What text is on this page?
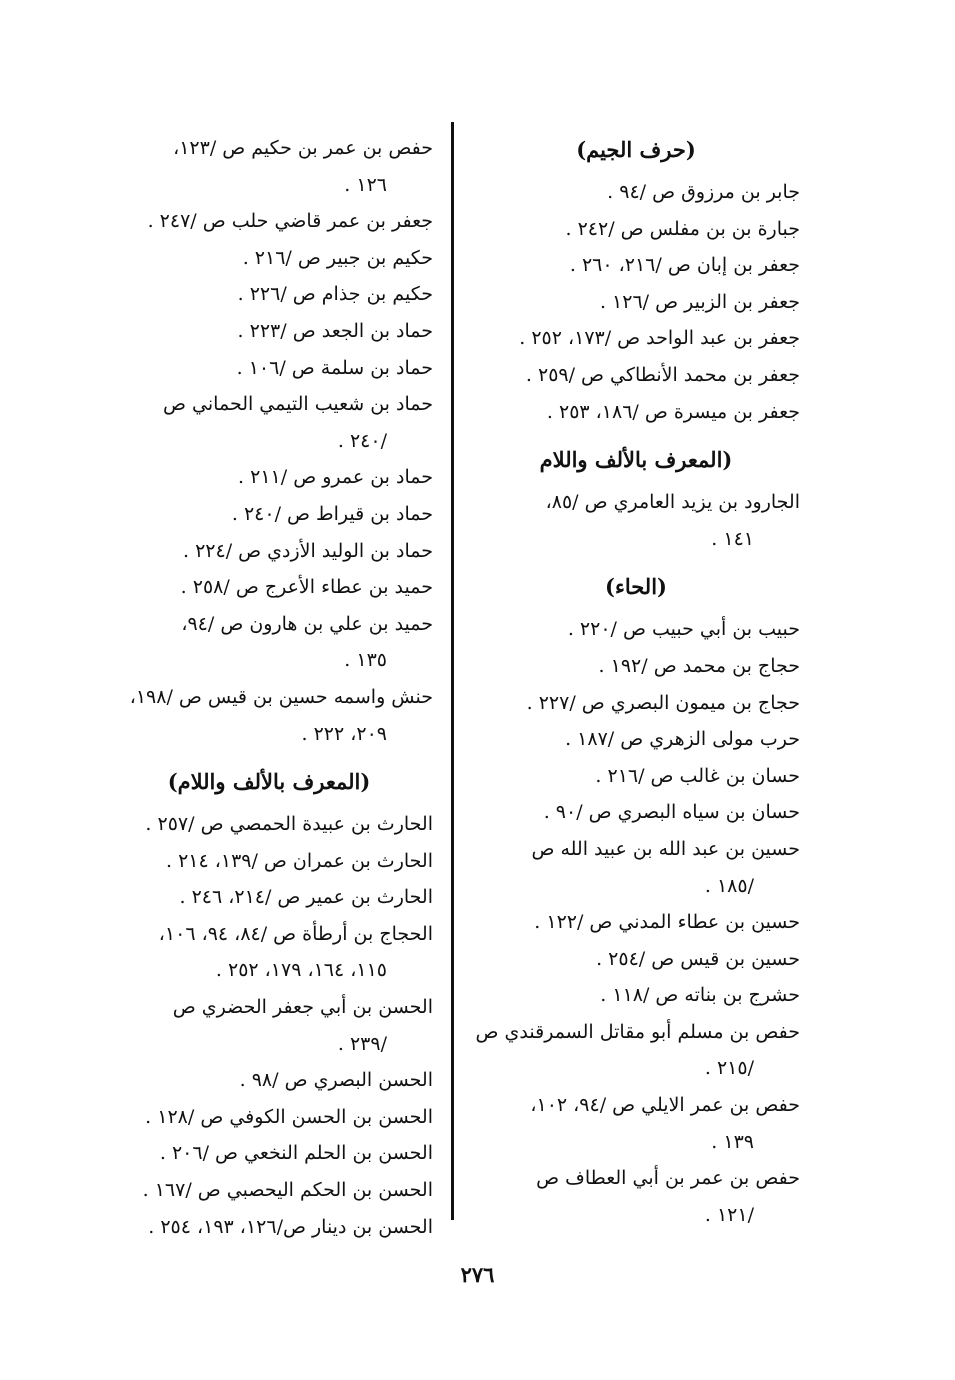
(حرف الجيم)
جابر بن مرزوق ص /٩٤ .
جبارة بن بن مفلس ص /٢٤٢ .
جعفر بن إبان ص /٢١٦، ٢٦٠ .
جعفر بن الزبير ص /١٢٦ .
جعفر بن عبد الواحد ص /١٧٣، ٢٥٢ .
جعفر بن محمد الأنطاكي ص /٢٥٩ .
جعفر بن ميسرة ص /١٨٦، ٢٥٣ .
(المعرف بالألف واللام
الجارود بن يزيد العامري ص /٨٥،
١٤١ .
(الحاء)
حبيب بن أبي حبيب ص /٢٢٠ .
حجاج بن محمد ص /١٩٢ .
حجاج بن ميمون البصري ص /٢٢٧ .
حرب مولى الزهري ص /١٨٧ .
حسان بن غالب ص /٢١٦ .
حسان بن سياه البصري ص /٩٠ .
حسين بن عبد الله بن عبيد الله ص
/١٨٥ .
حسين بن عطاء المدني ص /١٢٢ .
حسين بن قيس ص /٢٥٤ .
حشرج بن بناته ص /١١٨ .
حفص بن مسلم أبو مقاتل السمرقندي ص
/٢١٥ .
حفص بن عمر الايلي ص /٩٤، ١٠٢،
١٣٩ .
حفص بن عمر بن أبي العطاف ص
/١٢١ .
حفص بن عمر بن حكيم ص /١٢٣،
١٢٦ .
جعفر بن عمر قاضي حلب ص /٢٤٧ .
حكيم بن جبير ص /٢١٦ .
حكيم بن جذام ص /٢٢٦ .
حماد بن الجعد ص /٢٢٣ .
حماد بن سلمة ص /١٠٦ .
حماد بن شعيب التيمي الحماني ص
/٢٤٠ .
حماد بن عمرو ص /٢١١ .
حماد بن قيراط ص /٢٤٠ .
حماد بن الوليد الأزدي ص /٢٢٤ .
حميد بن عطاء الأعرج ص /٢٥٨ .
حميد بن علي بن هارون ص /٩٤،
١٣٥ .
حنش واسمه حسين بن قيس ص /١٩٨،
٢٠٩، ٢٢٢ .
(المعرف بالألف واللام)
الحارث بن عبيدة الحمصي ص /٢٥٧ .
الحارث بن عمران ص /١٣٩، ٢١٤ .
الحارث بن عمير ص /٢١٤، ٢٤٦ .
الحجاج بن أرطأة ص /٨٤، ٩٤، ١٠٦،
١١٥، ١٦٤، ١٧٩، ٢٥٢ .
الحسن بن أبي جعفر الحضري ص
/٢٣٩ .
الحسن البصري ص /٩٨ .
الحسن بن الحسن الكوفي ص /١٢٨ .
الحسن بن الحلم النخعي ص /٢٠٦ .
الحسن بن الحكم اليحصبي ص /١٦٧ .
الحسن بن دينار ص/١٢٦، ١٩٣، ٢٥٤ .
٢٧٦
